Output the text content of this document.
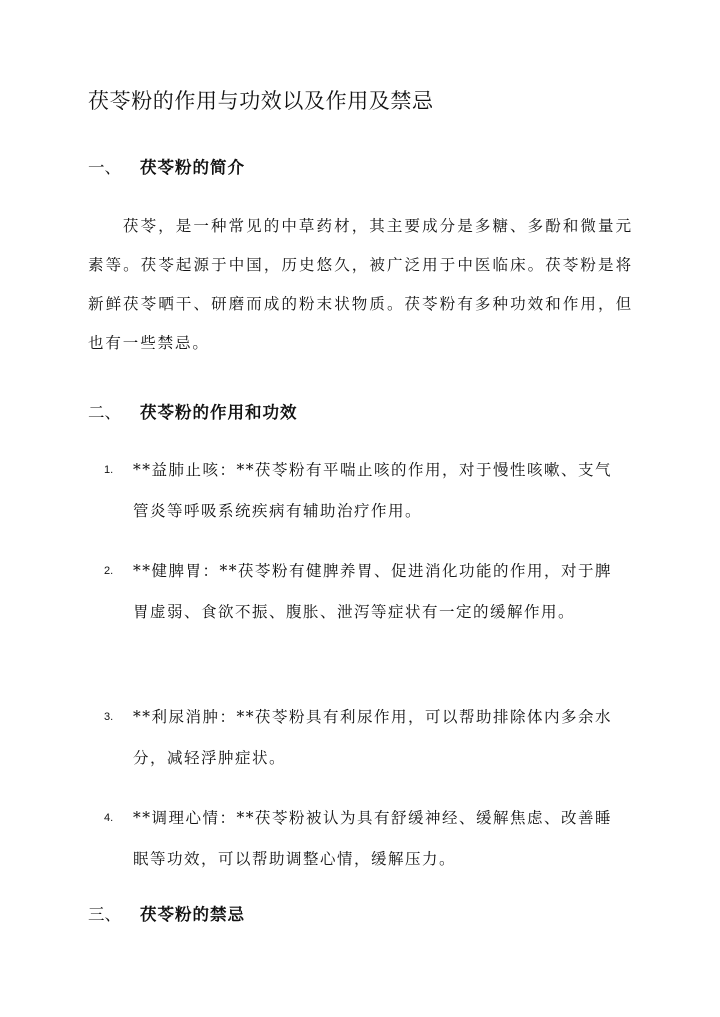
茯苓粉的作用与功效以及作用及禁忌
一、 茯苓粉的简介

茯苓，是一种常见的中草药材，其主要成分是多糖、多酚和微量元素等。茯苓起源于中国，历史悠久，被广泛用于中医临床。茯苓粉是将新鲜茯苓晒干、研磨而成的粉末状物质。茯苓粉有多种功效和作用，但也有一些禁忌。

二、 茯苓粉的作用和功效
1. **益肺止咳：**茯苓粉有平喘止咳的作用，对于慢性咳嗽、支气管炎等呼吸系统疾病有辅助治疗作用。
2. **健脾胃：**茯苓粉有健脾养胃、促进消化功能的作用，对于脾胃虚弱、食欲不振、腹胀、泄泻等症状有一定的缓解作用。
3. **利尿消肿：**茯苓粉具有利尿作用，可以帮助排除体内多余水分，减轻浮肿症状。
4. **调理心情：**茯苓粉被认为具有舒缓神经、缓解焦虑、改善睡眠等功效，可以帮助调整心情，缓解压力。
三、 茯苓粉的禁忌
